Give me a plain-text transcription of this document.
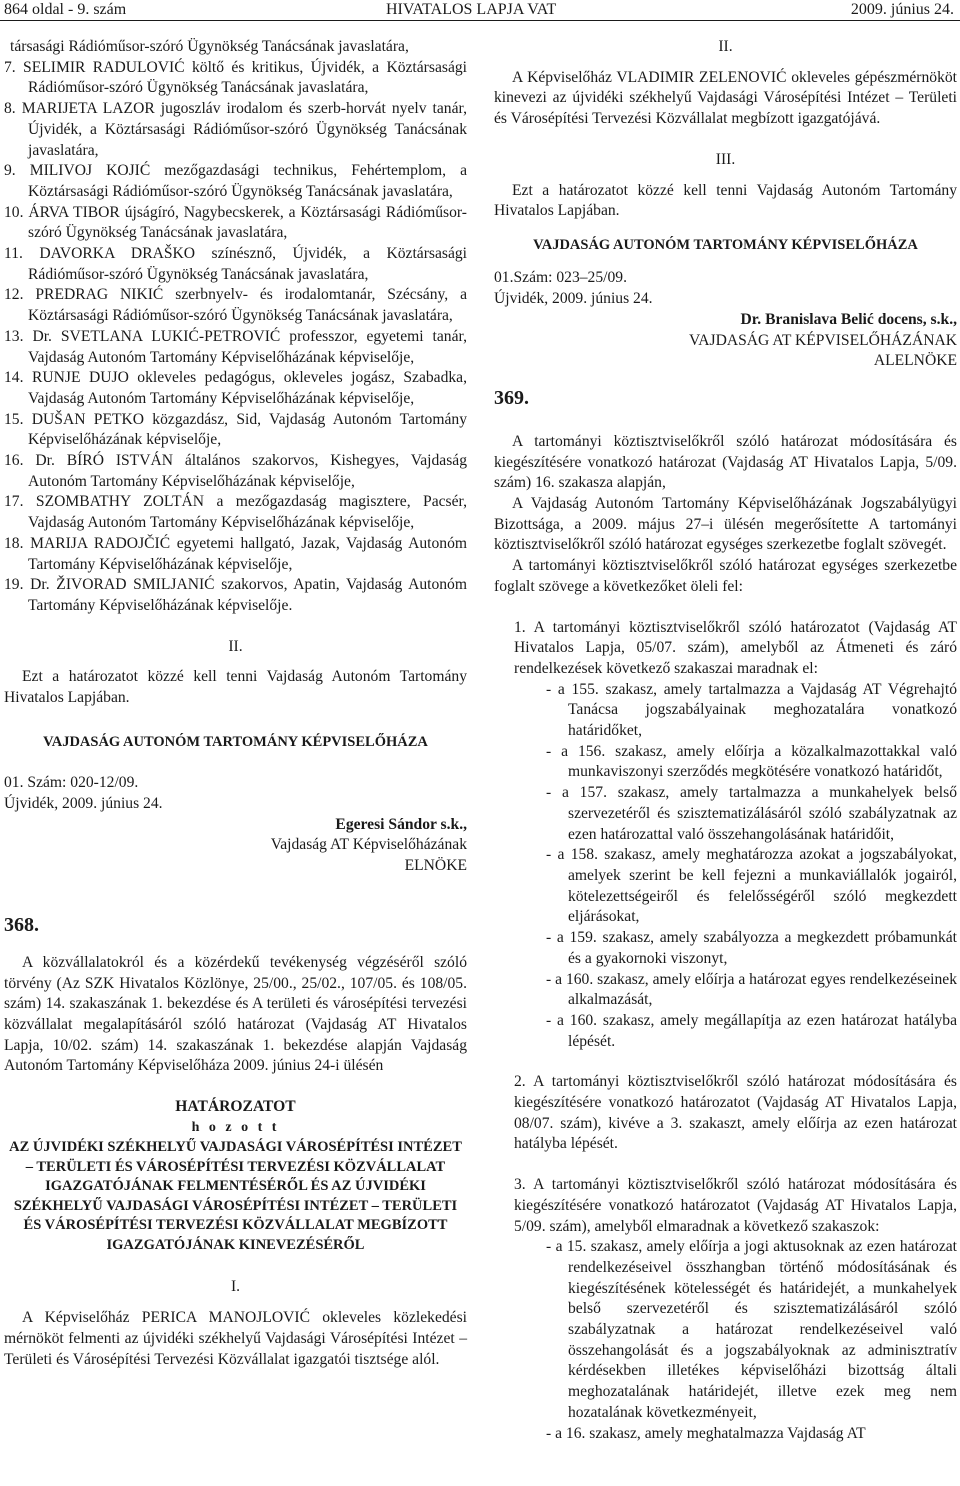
864 oldal - 9. szám	HIVATALOS LAPJA VAT	2009. június 24.

társasági Rádióműsor-szóró Ügynökség Tanácsának javaslatára,

7. SELIMIR RADULOVIĆ költő és kritikus, Újvidék, a Köztársasági Rádióműsor-szóró Ügynökség Tanácsának javaslatára,

8. MARIJETA LAZOR jugoszláv irodalom és szerb-horvát nyelv tanár, Újvidék, a Köztársasági Rádióműsor-szóró Ügynökség Tanácsának javaslatára,

9. MILIVOJ KOJIĆ mezőgazdasági technikus, Fehértemplom, a Köztársasági Rádióműsor-szóró Ügynökség Tanácsának javaslatára,

10. ÁRVA TIBOR újságíró, Nagybecskerek, a Köztársasági Rádióműsor-szóró Ügynökség Tanácsának javaslatára,

11. DAVORKA DRAŠKO színésznő, Újvidék, a Köztársasági Rádióműsor-szóró Ügynökség Tanácsának javaslatára,

12. PREDRAG NIKIĆ szerbnyelv- és irodalomtanár, Szécsány, a Köztársasági Rádióműsor-szóró Ügynökség Tanácsának javaslatára,

13. Dr. SVETLANA LUKIĆ-PETROVIĆ professzor, egyetemi tanár, Vajdaság Autonóm Tartomány Képviselőházának képviselője,

14. RUNJE DUJO okleveles pedagógus, okleveles jogász, Szabadka, Vajdaság Autonóm Tartomány Képviselőházának képviselője,

15. DUŠAN PETKO közgazdász, Sid, Vajdaság Autonóm Tartomány Képviselőházának képviselője,

16. Dr. BÍRÓ ISTVÁN általános szakorvos, Kishegyes, Vajdaság Autonóm Tartomány Képviselőházának képviselője,

17. SZOMBATHY ZOLTÁN a mezőgazdaság magisztere, Pacsér, Vajdaság Autonóm Tartomány Képviselőházának képviselője,

18. MARIJA RADOJČIĆ egyetemi hallgató, Jazak, Vajdaság Autonóm Tartomány Képviselőházának képviselője,

19. Dr. ŽIVORAD SMILJANIĆ szakorvos, Apatin, Vajdaság Autonóm Tartomány Képviselőházának képviselője.

II.

Ezt a határozatot közzé kell tenni Vajdaság Autonóm Tartomány Hivatalos Lapjában.

VAJDASÁG AUTONÓM TARTOMÁNY KÉPVISELŐHÁZA

01. Szám: 020-12/09.

Újvidék, 2009. június 24.

Egeresi Sándor s.k.,

Vajdaság AT Képviselőházának

ELNÖKE

368.

A közvállalatokról és a közérdekű tevékenység végzéséről szóló törvény (Az SZK Hivatalos Közlönye, 25/00., 25/02., 107/05. és 108/05. szám) 14. szakaszának 1. bekezdése és A területi és városépítési tervezési közvállalat megalapításáról szóló határozat (Vajdaság AT Hivatalos Lapja, 10/02. szám) 14. szakaszának 1. bekezdése alapján Vajdaság Autonóm Tartomány Képviselőháza 2009. június 24-i ülésén

HATÁROZATOT

h o z o t t

AZ ÚJVIDÉKI SZÉKHELYŰ VAJDASÁGI VÁROSÉPÍTÉSI INTÉZET – TERÜLETI ÉS VÁROSÉPÍTÉSI TERVEZÉSI KÖZVÁLLALAT IGAZGATÓJÁNAK FELMENTÉSÉRŐL ÉS AZ ÚJVIDÉKI SZÉKHELYŰ VAJDASÁGI VÁROSÉPÍTÉSI INTÉZET – TERÜLETI ÉS VÁROSÉPÍTÉSI TERVEZÉSI KÖZVÁLLALAT MEGBÍZOTT IGAZGATÓJÁNAK KINEVEZÉSÉRŐL

I.

A Képviselőház PERICA MANOJLOVIĆ okleveles közlekedési mérnököt felmenti az újvidéki székhelyű Vajdasági Városépítési Intézet – Területi és Városépítési Tervezési Közvállalat igazgatói tisztsége alól.

II.

A Képviselőház VLADIMIR ZELENOVIĆ okleveles gépészmérnököt kinevezi az újvidéki székhelyű Vajdasági Városépítési Intézet – Területi és Városépítési Tervezési Közvállalat megbízott igazgatójává.

III.

Ezt a határozatot közzé kell tenni Vajdaság Autonóm Tartomány Hivatalos Lapjában.

VAJDASÁG AUTONÓM TARTOMÁNY KÉPVISELŐHÁZA

01.Szám: 023–25/09.

Újvidék, 2009. június 24.

Dr. Branislava Belić docens, s.k.,

VAJDASÁG AT KÉPVISELŐHÁZÁNAK

ALELNÖKE

369.

A tartományi köztisztviselőkről szóló határozat módosítására és kiegészítésére vonatkozó határozat (Vajdaság AT Hivatalos Lapja, 5/09. szám) 16. szakasza alapján,

A Vajdaság Autonóm Tartomány Képviselőházának Jogszabályügyi Bizottsága, a 2009. május 27–i ülésén megerősítette A tartományi köztisztviselőkről szóló határozat egységes szerkezetbe foglalt szövegét.

A tartományi köztisztviselőkről szóló határozat egységes szerkezetbe foglalt szövege a következőket öleli fel:

1. A tartományi köztisztviselőkről szóló határozatot (Vajdaság AT Hivatalos Lapja, 05/07. szám), amelyből az Átmeneti és záró rendelkezések következő szakaszai maradnak el:

- a 155. szakasz, amely tartalmazza a Vajdaság AT Végrehajtó Tanácsa jogszabályainak meghozatalára vonatkozó határidőket,

- a 156. szakasz, amely előírja a közalkalmazottakkal való munkaviszonyi szerződés megkötésére vonatkozó határidőt,

- a 157. szakasz, amely tartalmazza a munkahelyek belső szervezetéről és szisztematizálásáról szóló szabályzatnak az ezen határozattal való összehangolásának határidőit,

- a 158. szakasz, amely meghatározza azokat a jogszabályokat, amelyek szerint be kell fejezni a munkaviállalók jogairól, kötelezettségeiről és felelősségéről szóló megkezdett eljárásokat,

- a 159. szakasz, amely szabályozza a megkezdett próbamunkát és a gyakornoki viszonyt,

- a 160. szakasz, amely előírja a határozat egyes rendelkezéseinek alkalmazását,

- a 160. szakasz, amely megállapítja az ezen határozat hatályba lépését.

2. A tartományi köztisztviselőkről szóló határozat módosítására és kiegészítésére vonatkozó határozatot (Vajdaság AT Hivatalos Lapja, 08/07. szám), kivéve a 3. szakaszt, amely előírja az ezen határozat hatályba lépését.

3. A tartományi köztisztviselőkről szóló határozat módosítására és kiegészítésére vonatkozó határozatot (Vajdaság AT Hivatalos Lapja, 5/09. szám), amelyből elmaradnak a következő szakaszok:

- a 15. szakasz, amely előírja a jogi aktusoknak az ezen határozat rendelkezéseivel összhangban történő módosításának és kiegészítésének kötelességét és határidejét, a munkahelyek belső szervezetéről és szisztematizálásáról szóló szabályzatnak a határozat rendelkezéseivel való összehangolását és a jogszabályoknak az adminisztratív kérdésekben illetékes képviselőházi bizottság általi meghozatalának határidejét, illetve ezek meg nem hozatalának következményeit,

- a 16. szakasz, amely meghatalmazza Vajdaság AT
